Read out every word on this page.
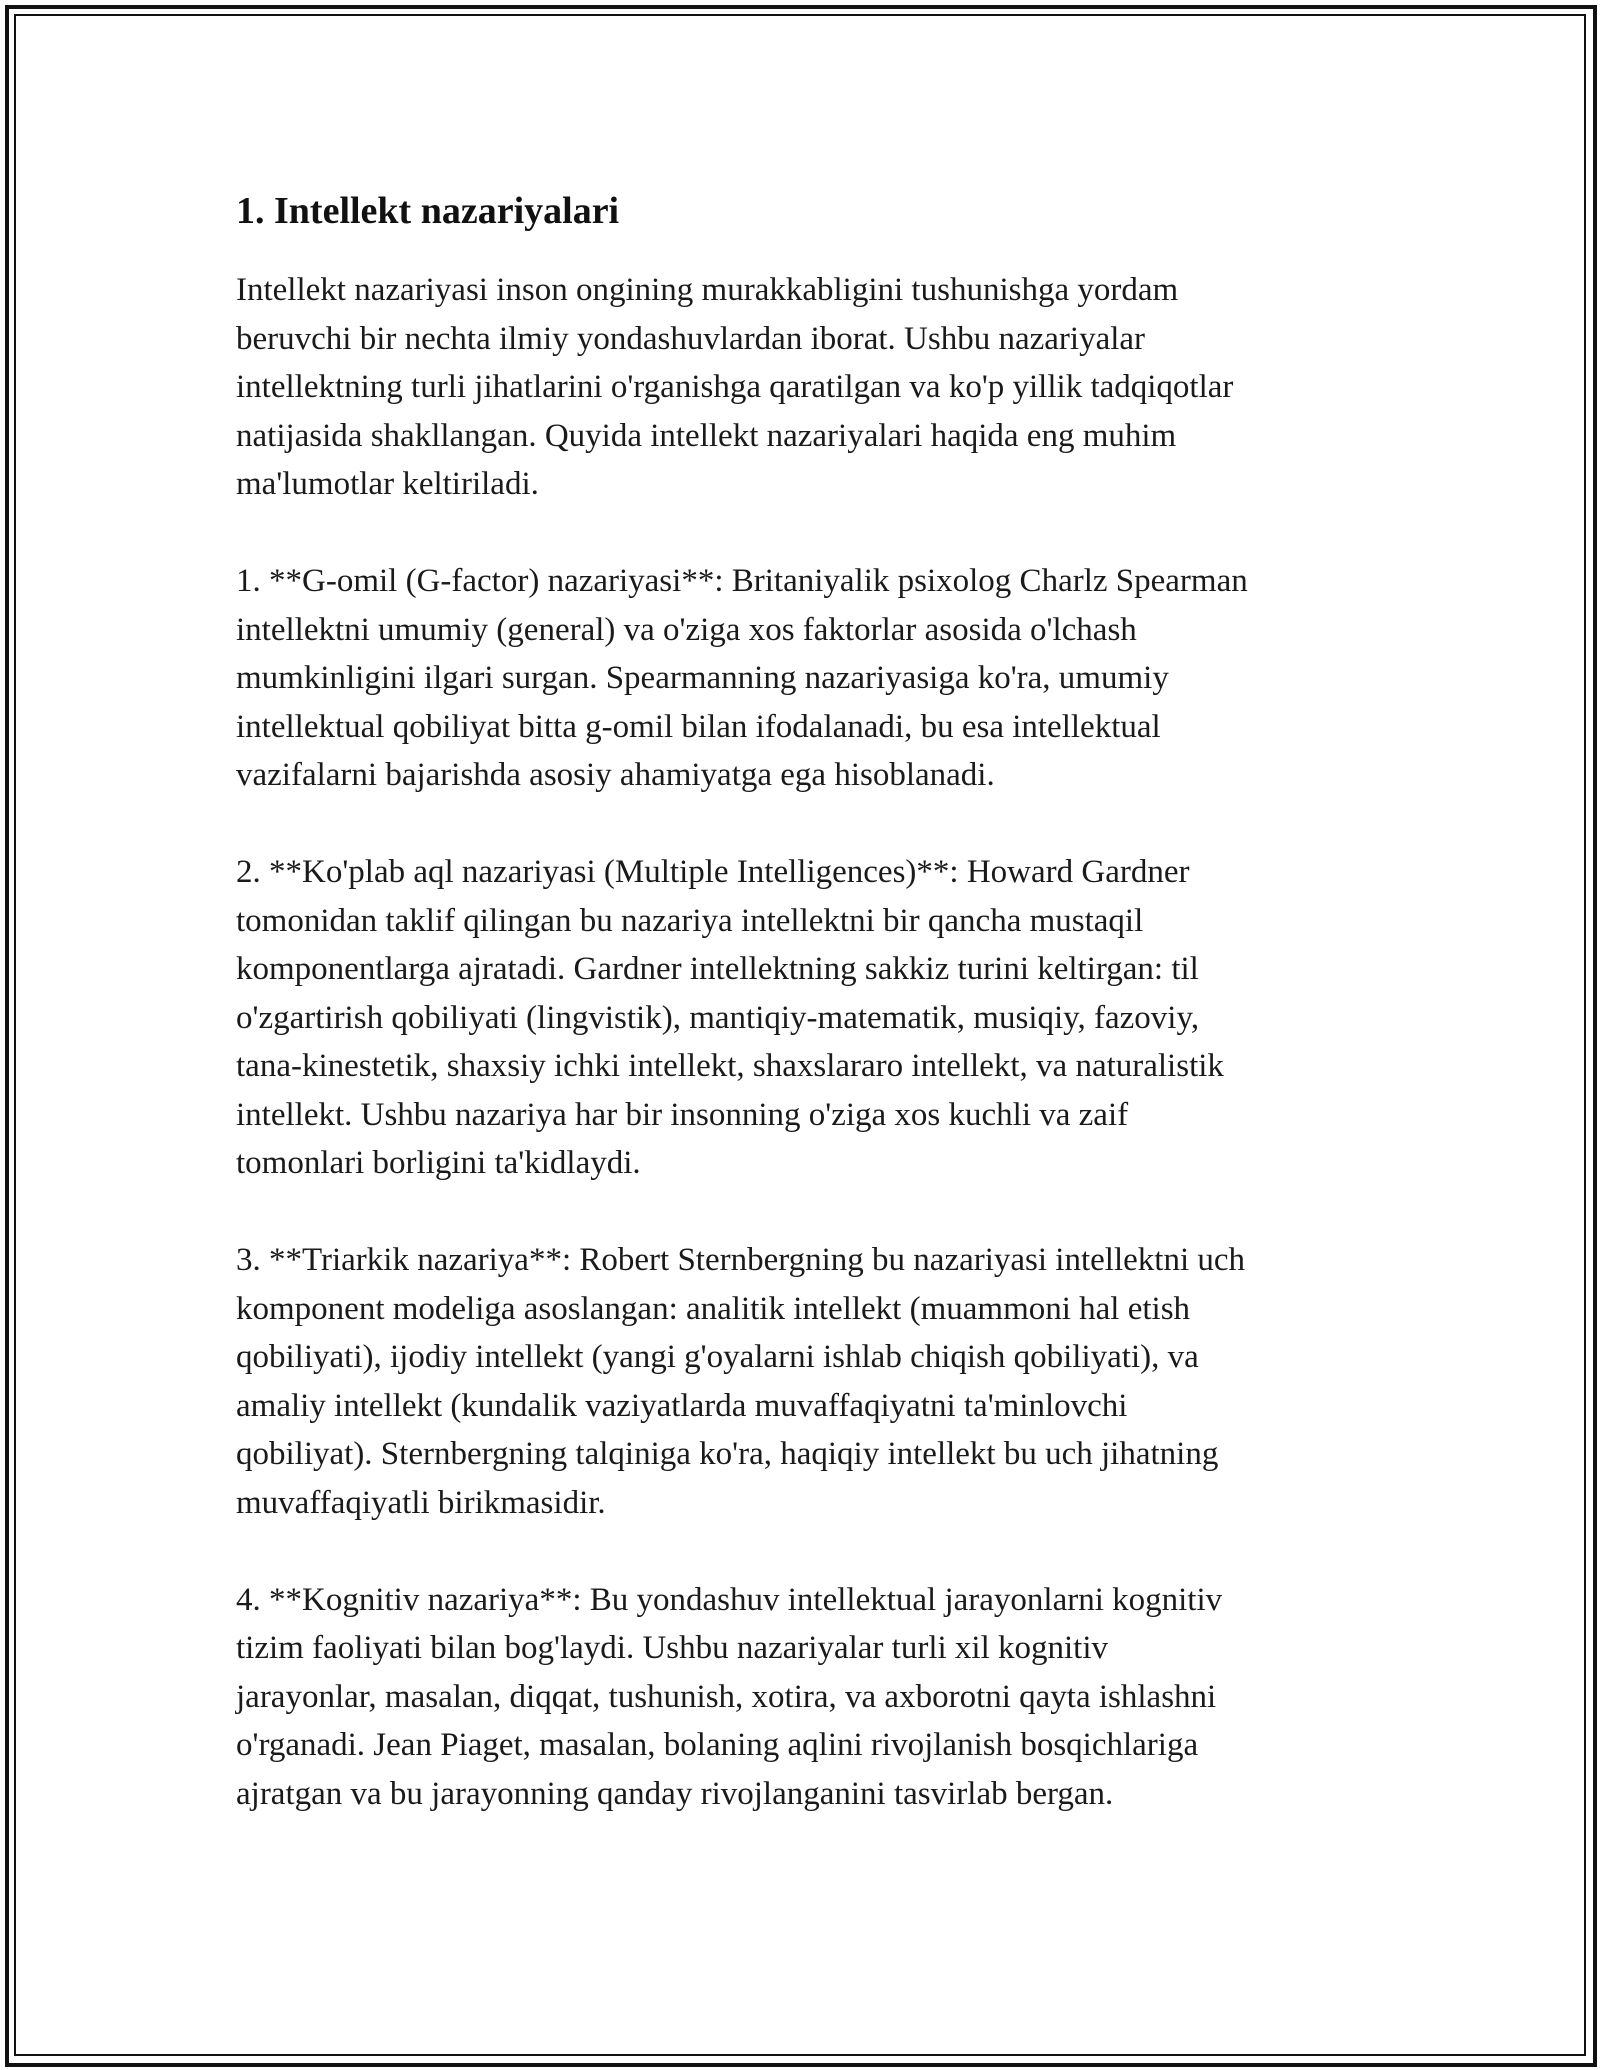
1. Intellekt nazariyalari

Intellekt nazariyasi inson ongining murakkabligini tushunishga yordam
beruvchi bir nechta ilmiy yondashuvlardan iborat. Ushbu nazariyalar
intellektning turli jihatlarini o'rganishga qaratilgan va ko'p yillik tadqiqotlar
natijasida shakllangan. Quyida intellekt nazariyalari haqida eng muhim
ma'lumotlar keltiriladi.

1. **G-omil (G-factor) nazariyasi**: Britaniyalik psixolog Charlz Spearman
intellektni umumiy (general) va o'ziga xos faktorlar asosida o'lchash
mumkinligini ilgari surgan. Spearmanning nazariyasiga ko'ra, umumiy
intellektual qobiliyat bitta g-omil bilan ifodalanadi, bu esa intellektual
vazifalarni bajarishda asosiy ahamiyatga ega hisoblanadi.

2. **Ko'plab aql nazariyasi (Multiple Intelligences)**: Howard Gardner
tomonidan taklif qilingan bu nazariya intellektni bir qancha mustaqil
komponentlarga ajratadi. Gardner intellektning sakkiz turini keltirgan: til
o'zgartirish qobiliyati (lingvistik), mantiqiy-matematik, musiqiy, fazoviy,
tana-kinestetik, shaxsiy ichki intellekt, shaxslararo intellekt, va naturalistik
intellekt. Ushbu nazariya har bir insonning o'ziga xos kuchli va zaif
tomonlari borligini ta'kidlaydi.

3. **Triarkik nazariya**: Robert Sternbergning bu nazariyasi intellektni uch
komponent modeliga asoslangan: analitik intellekt (muammoni hal etish
qobiliyati), ijodiy intellekt (yangi g'oyalarni ishlab chiqish qobiliyati), va
amaliy intellekt (kundalik vaziyatlarda muvaffaqiyatni ta'minlovchi
qobiliyat). Sternbergning talqiniga ko'ra, haqiqiy intellekt bu uch jihatning
muvaffaqiyatli birikmasidir.

4. **Kognitiv nazariya**: Bu yondashuv intellektual jarayonlarni kognitiv
tizim faoliyati bilan bog'laydi. Ushbu nazariyalar turli xil kognitiv
jarayonlar, masalan, diqqat, tushunish, xotira, va axborotni qayta ishlashni
o'rganadi. Jean Piaget, masalan, bolaning aqlini rivojlanish bosqichlariga
ajratgan va bu jarayonning qanday rivojlanganini tasvirlab bergan.
